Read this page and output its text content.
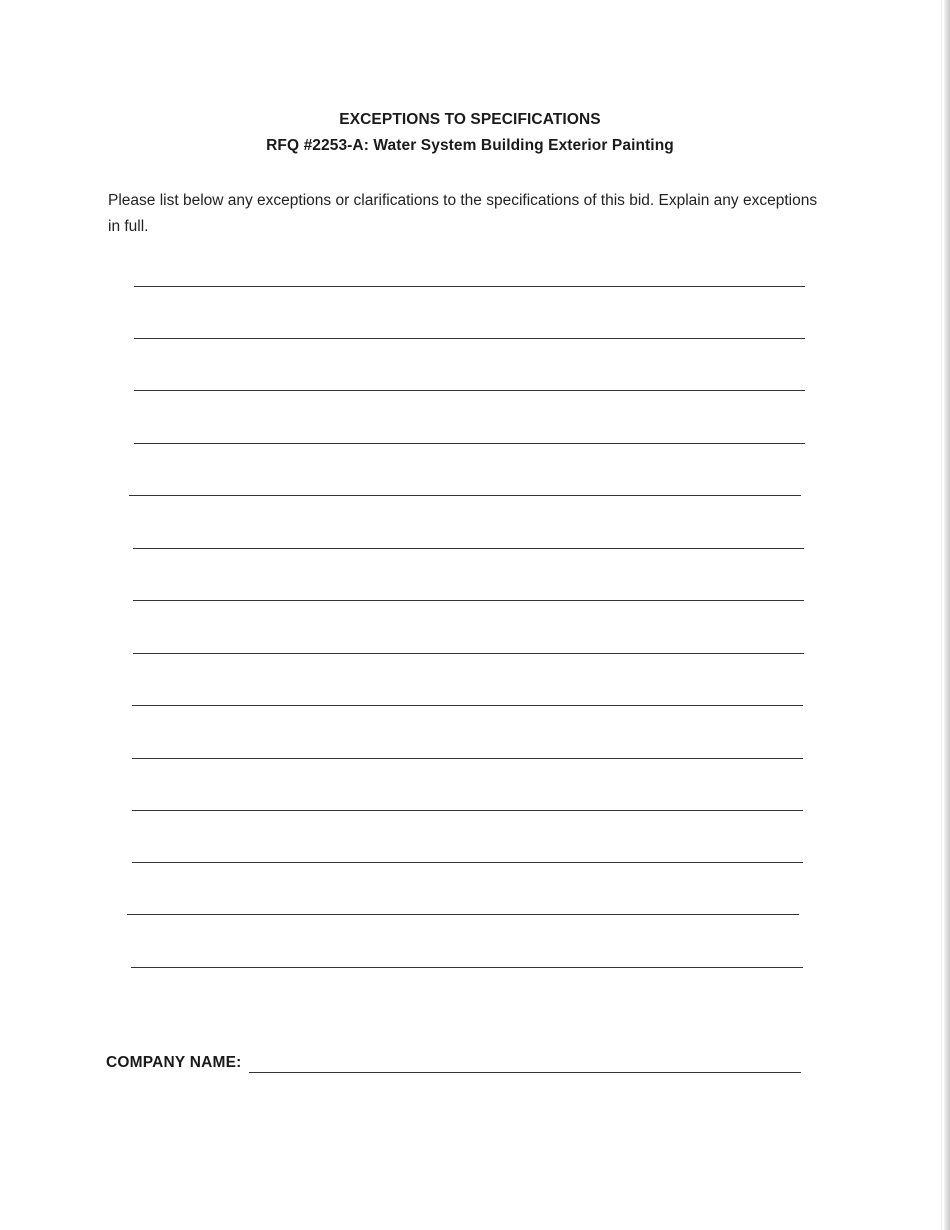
EXCEPTIONS TO SPECIFICATIONS
RFQ #2253-A: Water System Building Exterior Painting
Please list below any exceptions or clarifications to the specifications of this bid. Explain any exceptions in full.
COMPANY NAME:
